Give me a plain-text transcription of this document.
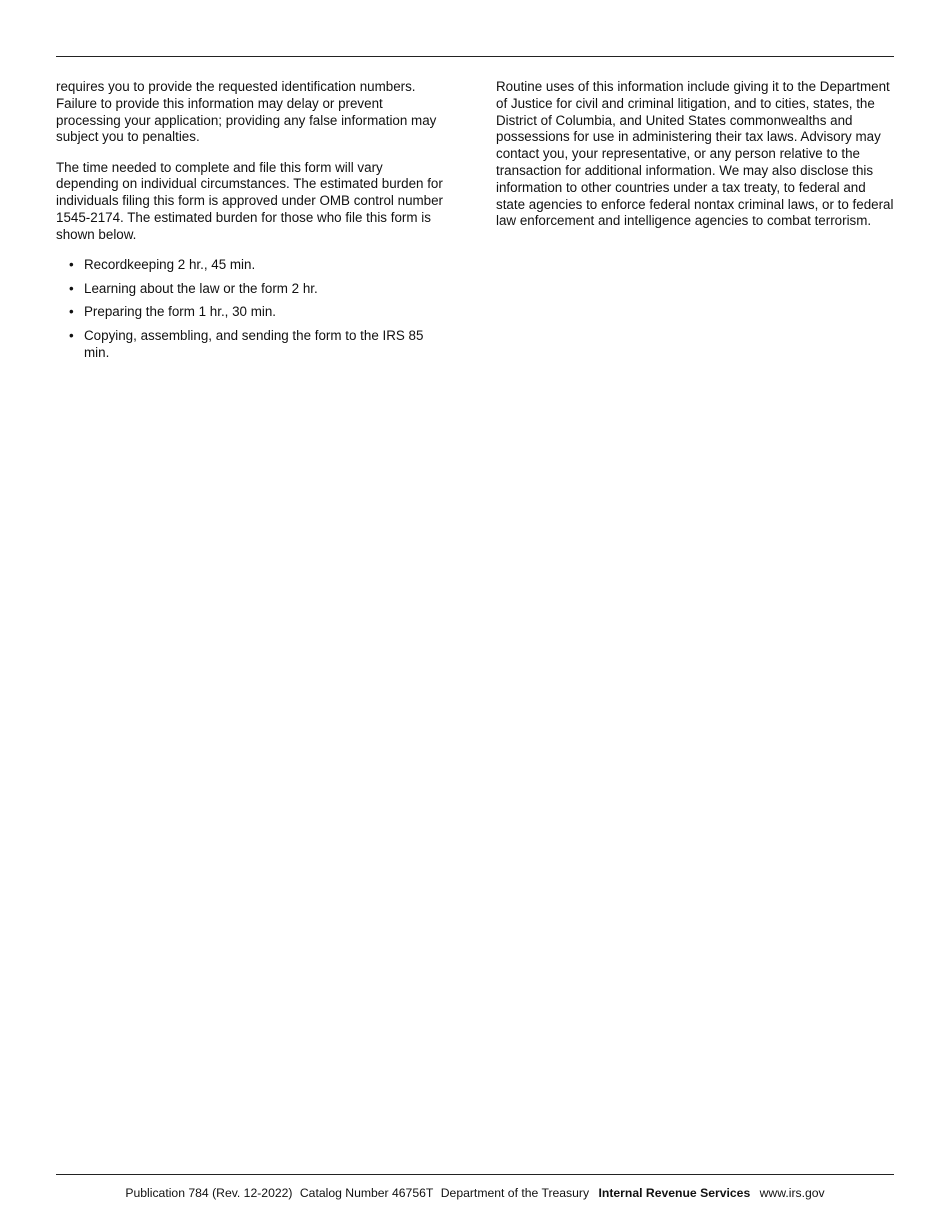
requires you to provide the requested identification numbers. Failure to provide this information may delay or prevent processing your application; providing any false information may subject you to penalties.

The time needed to complete and file this form will vary depending on individual circumstances. The estimated burden for individuals filing this form is approved under OMB control number 1545-2174. The estimated burden for those who file this form is shown below.

• Recordkeeping 2 hr., 45 min.
• Learning about the law or the form 2 hr.
• Preparing the form 1 hr., 30 min.
• Copying, assembling, and sending the form to the IRS 85 min.

Routine uses of this information include giving it to the Department of Justice for civil and criminal litigation, and to cities, states, the District of Columbia, and United States commonwealths and possessions for use in administering their tax laws. Advisory may contact you, your representative, or any person relative to the transaction for additional information. We may also disclose this information to other countries under a tax treaty, to federal and state agencies to enforce federal nontax criminal laws, or to federal law enforcement and intelligence agencies to combat terrorism.

Publication 784 (Rev. 12-2022) Catalog Number 46756T Department of the Treasury Internal Revenue Services www.irs.gov
